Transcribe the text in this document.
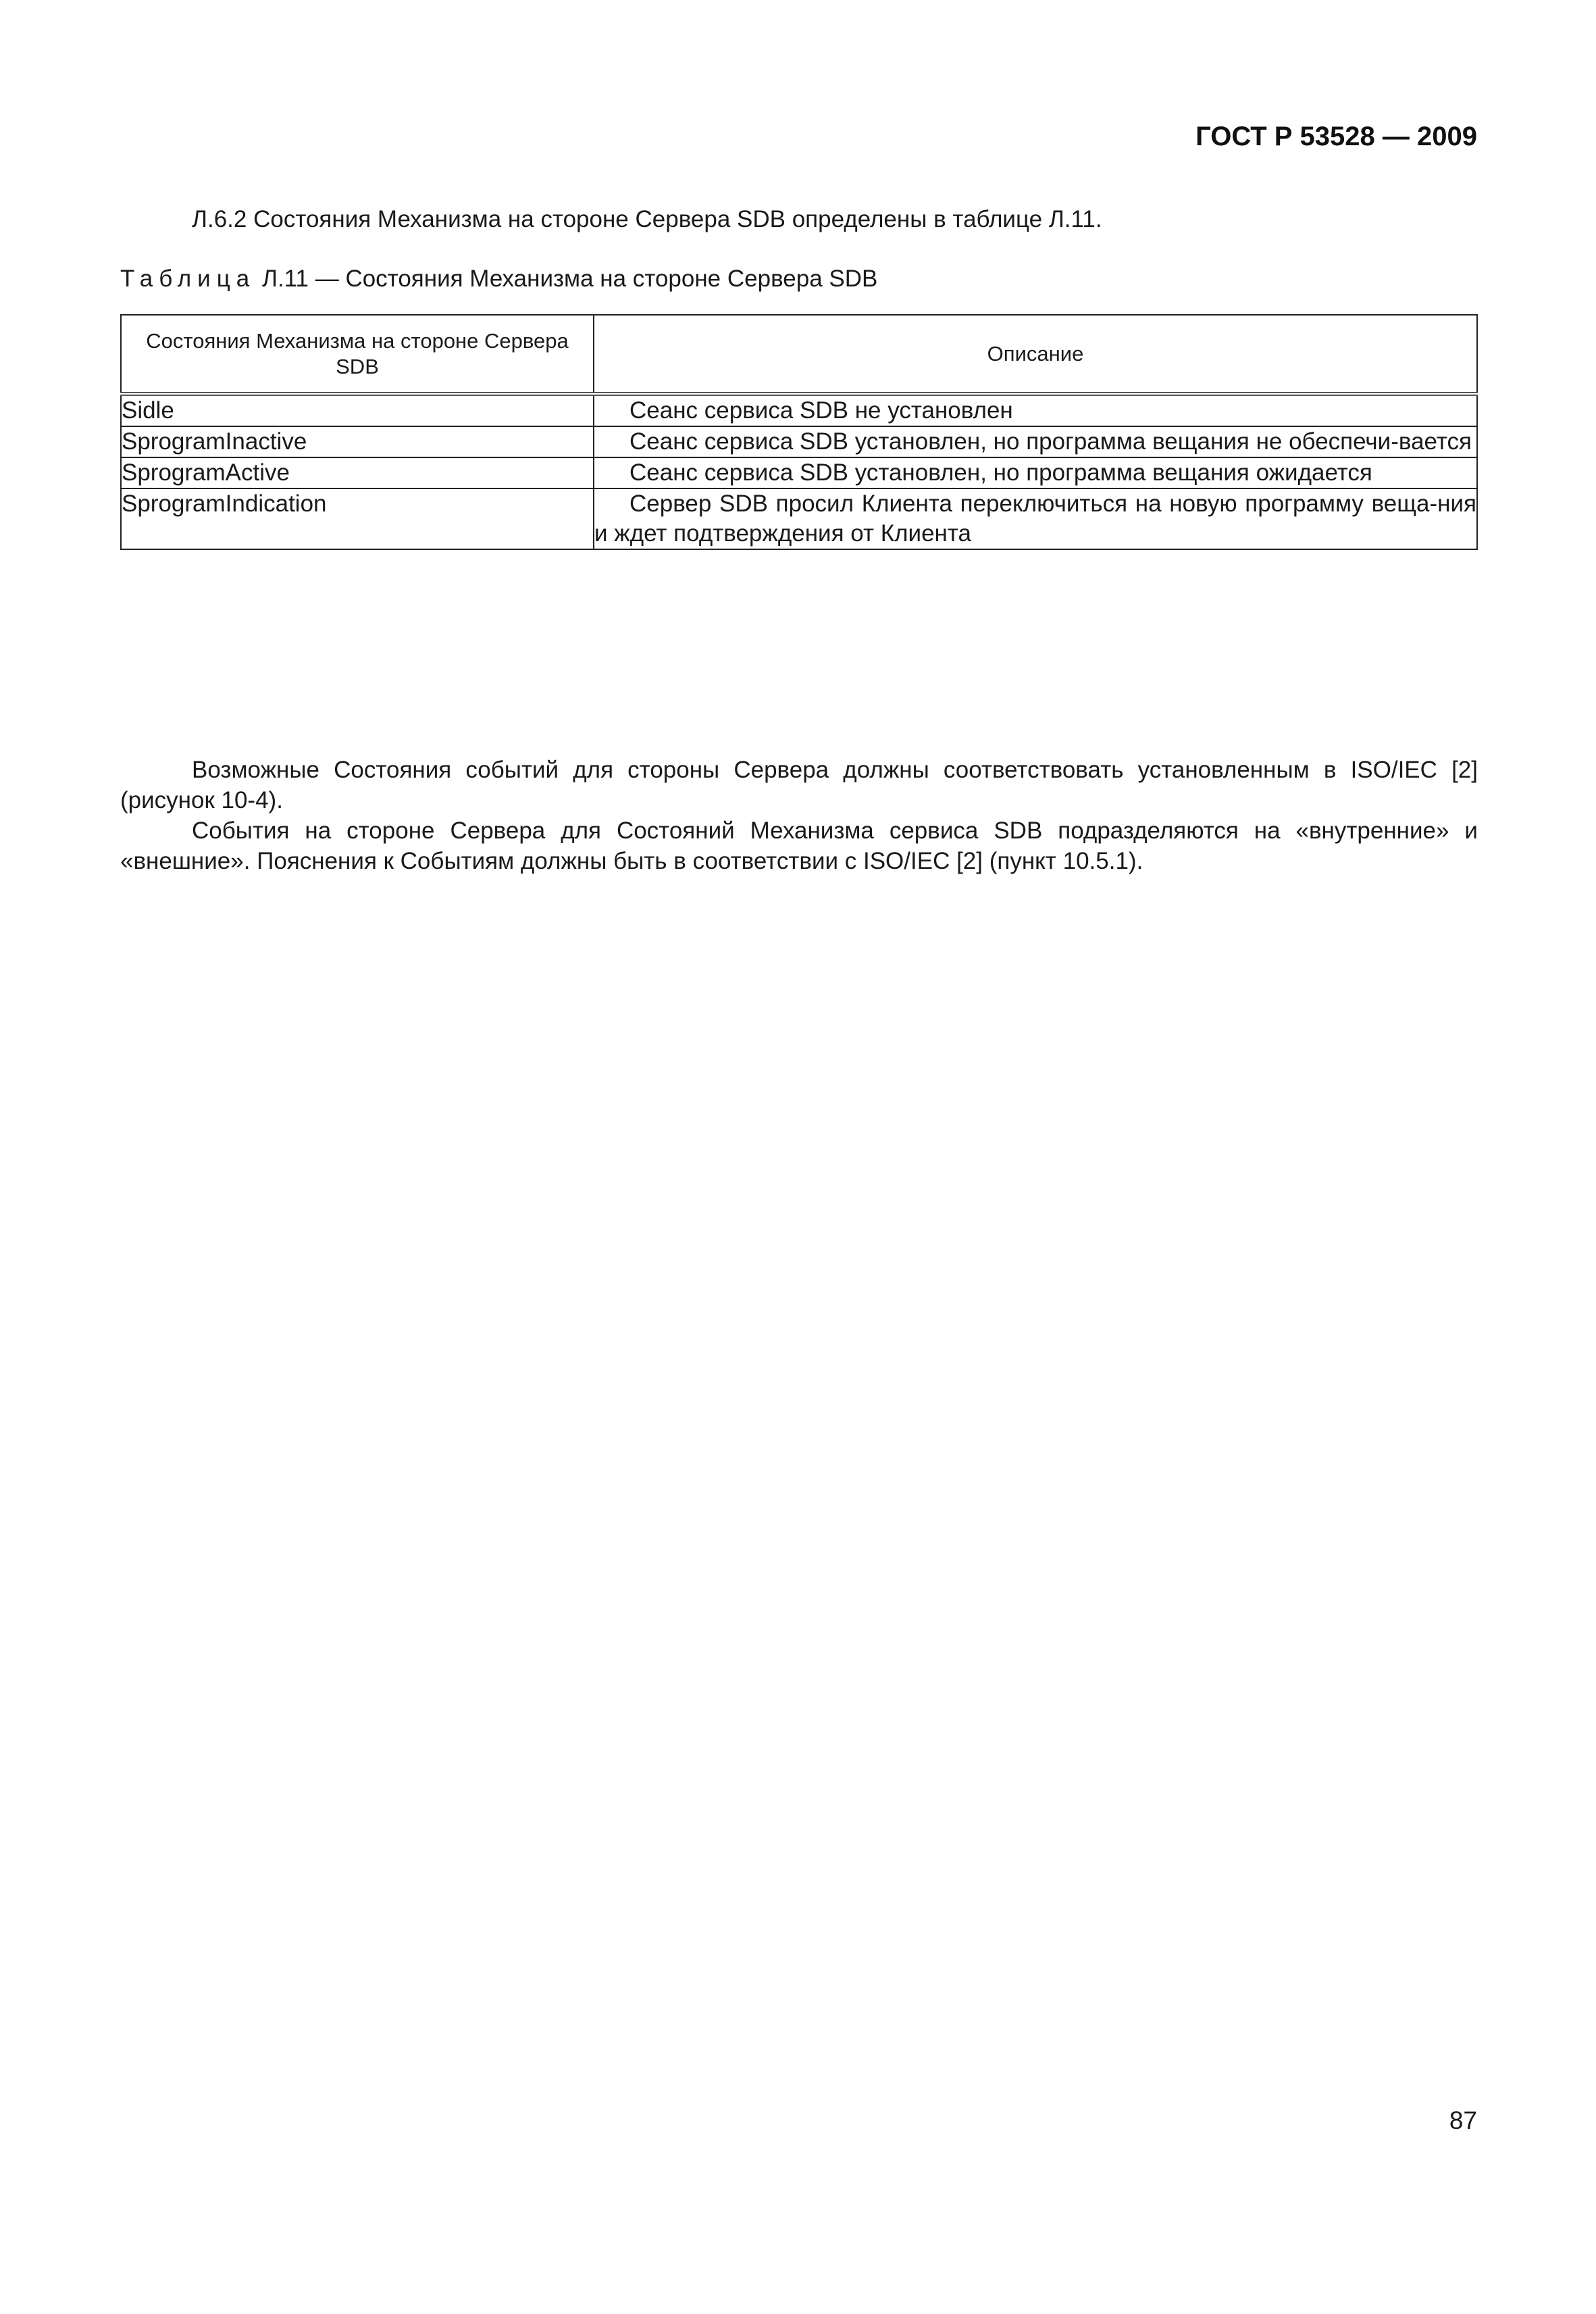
ГОСТ Р 53528 — 2009
Л.6.2 Состояния Механизма на стороне Сервера SDB определены в таблице Л.11.
Таблица Л.11 — Состояния Механизма на стороне Сервера SDB
Состояния Механизма на стороне Сервера SDB	Описание
Sidle	Сеанс сервиса SDB не установлен

SprogramInactive	Сеанс сервиса SDB установлен, но программа вещания не обеспечи-вается

SprogramActive	Сеанс сервиса SDB установлен, но программа вещания ожидается

SprogramIndication	Сервер SDB просил Клиента переключиться на новую программу веща-ния и ждет подтверждения от Клиента
Возможные Состояния событий для стороны Сервера должны соответствовать установленным в ISO/IEC [2] (рисунок 10-4).
События на стороне Сервера для Состояний Механизма сервиса SDB подразделяются на «внутренние» и «внешние». Пояснения к Событиям должны быть в соответствии с ISO/IEC [2] (пункт 10.5.1).
87
